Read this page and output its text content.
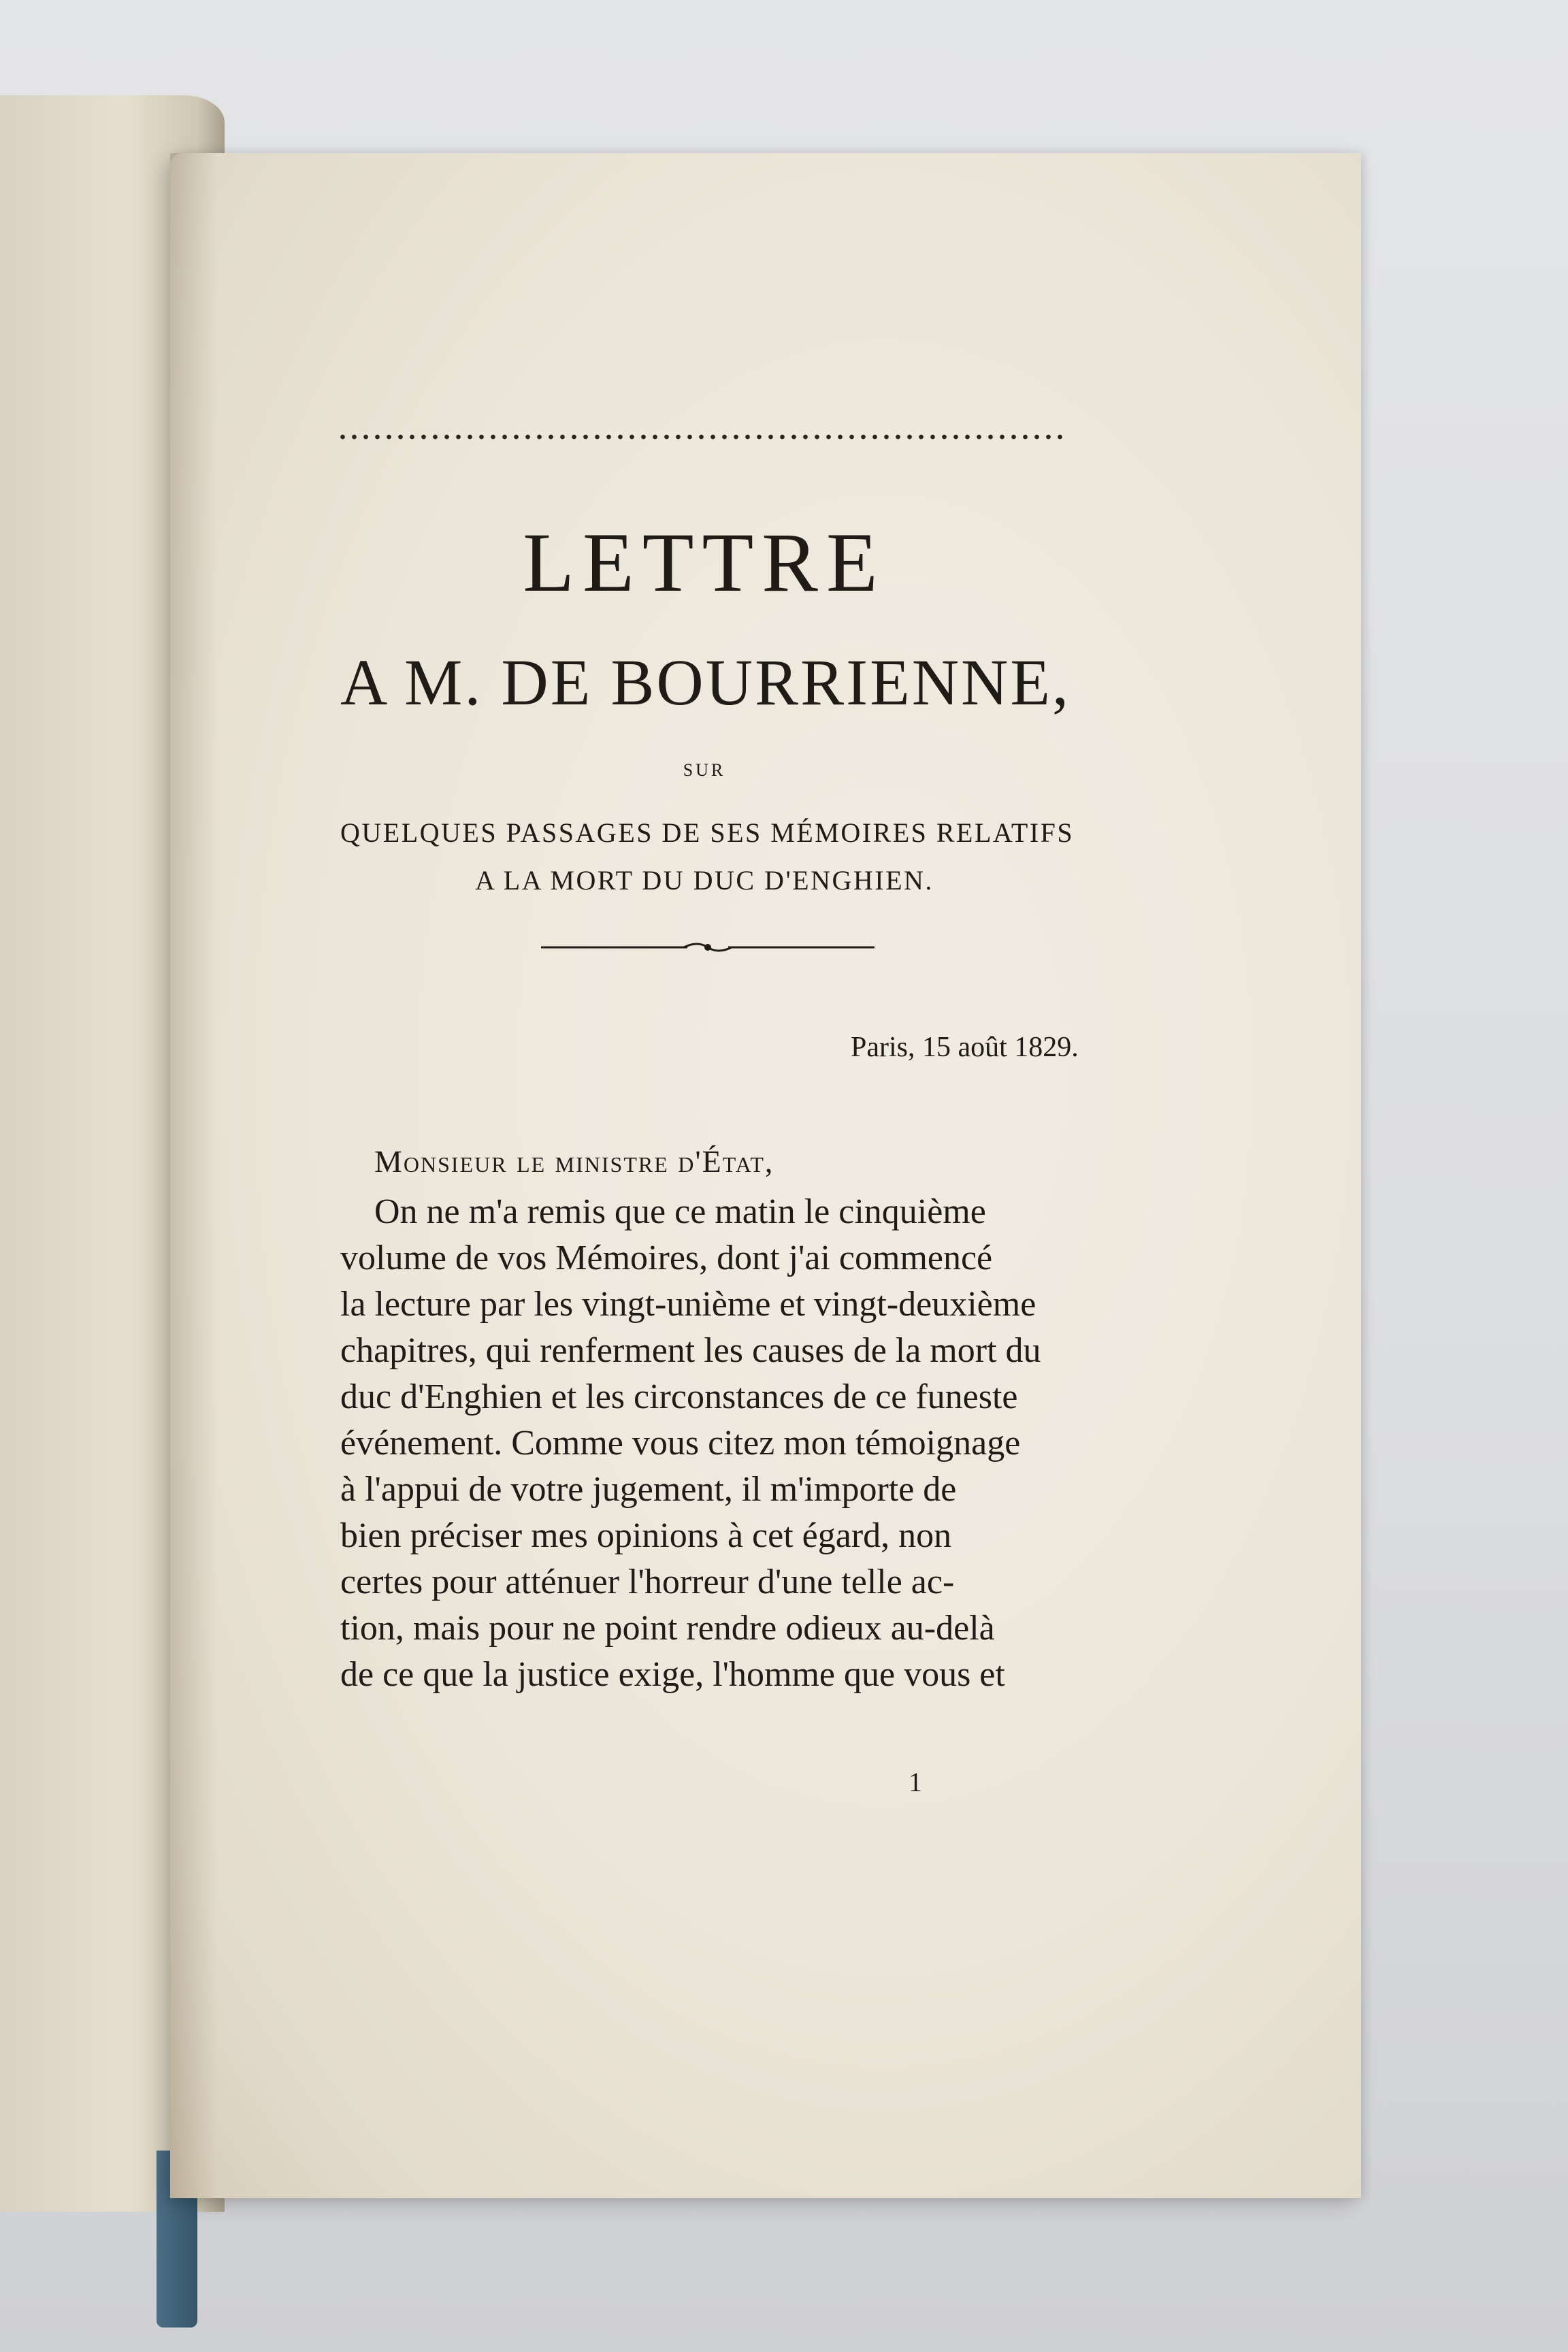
LETTRE
A M. DE BOURRIENNE,
SUR
QUELQUES PASSAGES DE SES MÉMOIRES RELATIFS
A LA MORT DU DUC D'ENGHIEN.
Paris, 15 août 1829.
Monsieur le ministre d'État,
On ne m'a remis que ce matin le cinquième
volume de vos Mémoires, dont j'ai commencé
la lecture par les vingt-unième et vingt-deuxième
chapitres, qui renferment les causes de la mort du
duc d'Enghien et les circonstances de ce funeste
événement. Comme vous citez mon témoignage
à l'appui de votre jugement, il m'importe de
bien préciser mes opinions à cet égard, non
certes pour atténuer l'horreur d'une telle ac-
tion, mais pour ne point rendre odieux au-delà
de ce que la justice exige, l'homme que vous et
1
